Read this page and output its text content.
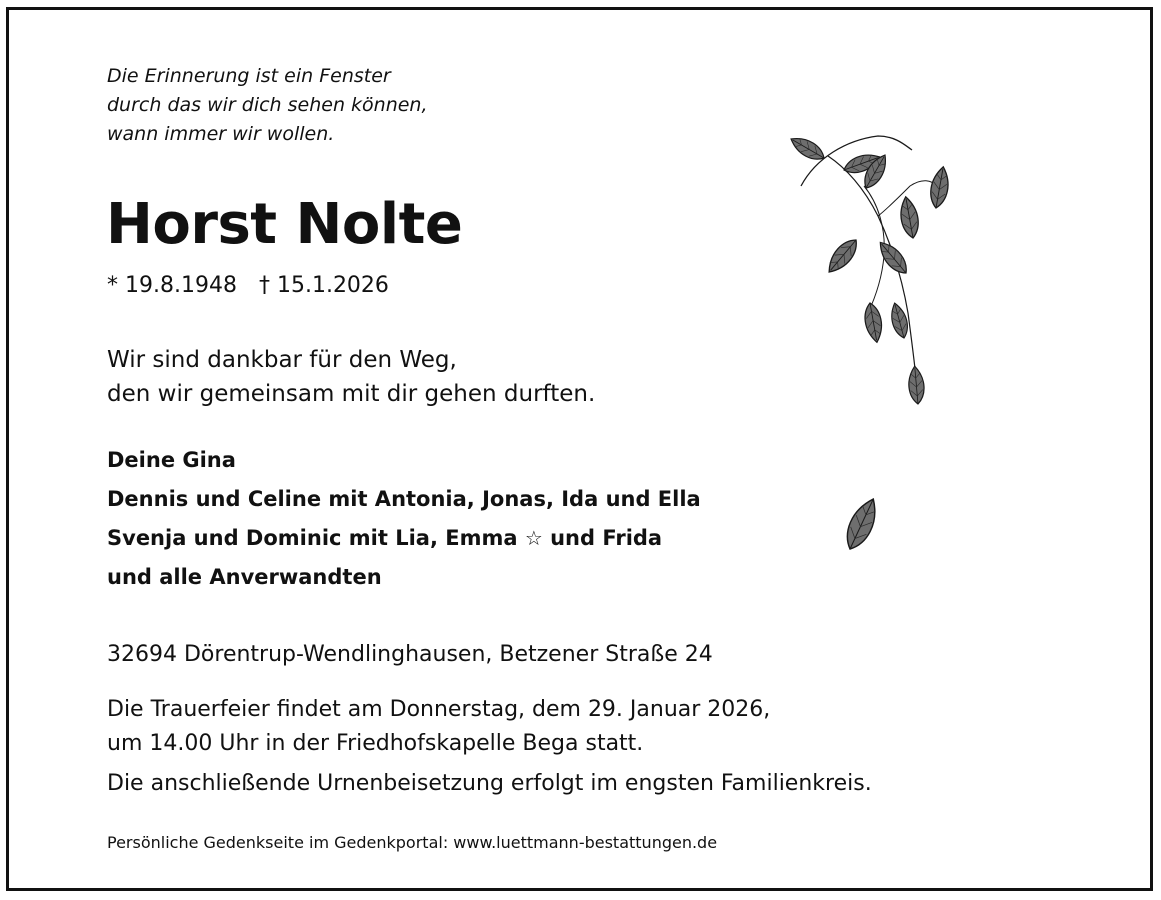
Die Erinnerung ist ein Fenster
durch das wir dich sehen können,
wann immer wir wollen.
Horst Nolte
* 19.8.1948 † 15.1.2026
Wir sind dankbar für den Weg,
den wir gemeinsam mit dir gehen durften.
Deine Gina
Dennis und Celine mit Antonia, Jonas, Ida und Ella
Svenja und Dominic mit Lia, Emma ☆ und Frida
und alle Anverwandten
32694 Dörentrup-Wendlinghausen, Betzener Straße 24
Die Trauerfeier findet am Donnerstag, dem 29. Januar 2026,
um 14.00 Uhr in der Friedhofskapelle Bega statt.
Die anschließende Urnenbeisetzung erfolgt im engsten Familienkreis.
Persönliche Gedenkseite im Gedenkportal: www.luettmann-bestattungen.de
